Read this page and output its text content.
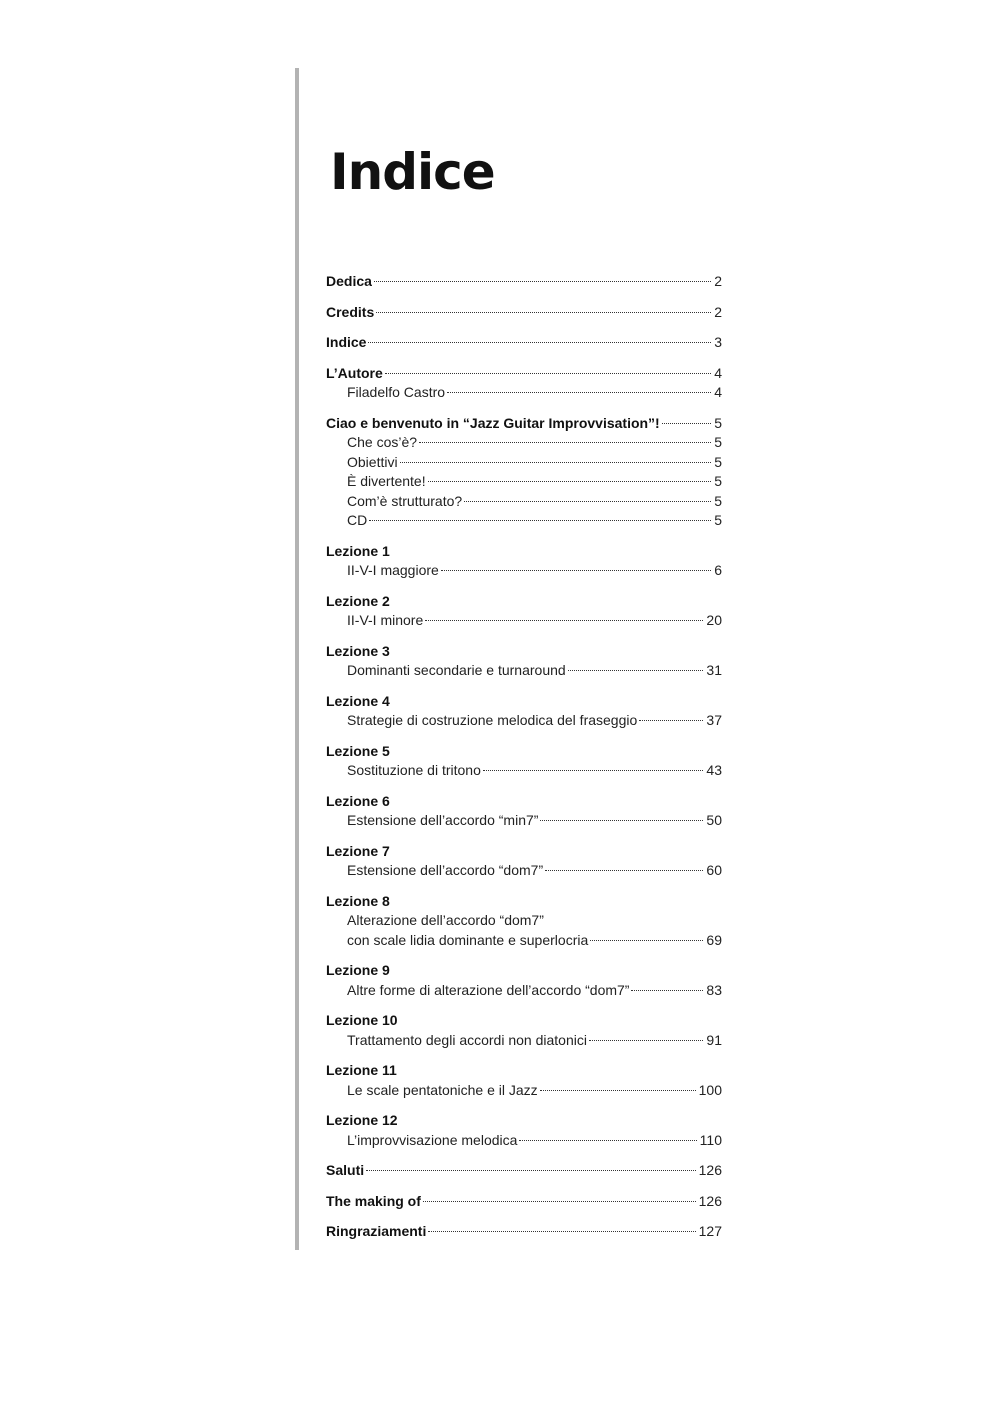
Indice
Dedica	2
Credits	2
Indice	3
L’Autore	4
Filadelfo Castro	4
Ciao e benvenuto in “Jazz Guitar Improvvisation”!	5
Che cos’è?	5
Obiettivi	5
È divertente!	5
Com’è strutturato?	5
CD	5
Lezione 1
II-V-I maggiore	6
Lezione 2
II-V-I minore	20
Lezione 3
Dominanti secondarie e turnaround	31
Lezione 4
Strategie di costruzione melodica del fraseggio	37
Lezione 5
Sostituzione di tritono	43
Lezione 6
Estensione dell’accordo “min7”	50
Lezione 7
Estensione dell’accordo “dom7”	60
Lezione 8
Alterazione dell’accordo “dom7”
con scale lidia dominante e superlocria	69
Lezione 9
Altre forme di alterazione dell’accordo “dom7”	83
Lezione 10
Trattamento degli accordi non diatonici	91
Lezione 11
Le scale pentatoniche e il Jazz	100
Lezione 12
L’improvvisazione melodica	110
Saluti	126
The making of	126
Ringraziamenti	127
